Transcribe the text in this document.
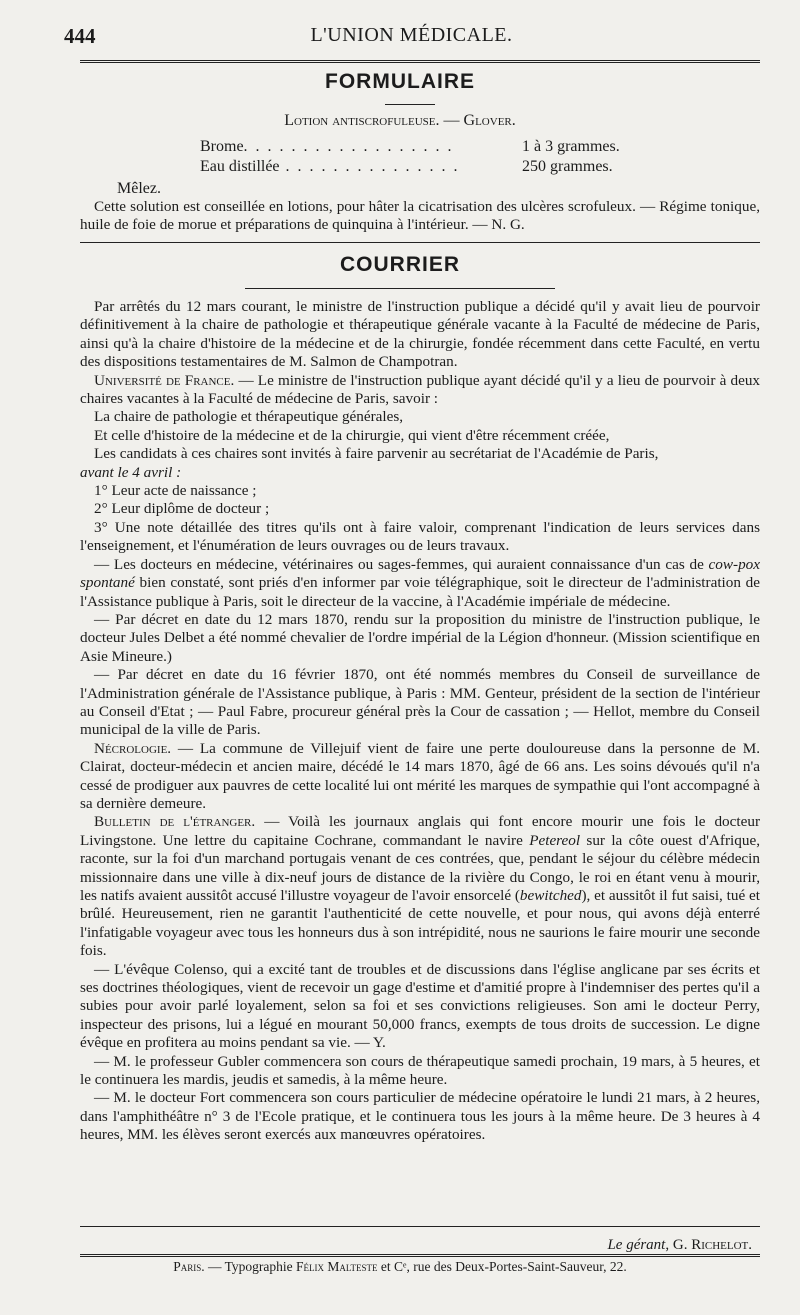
444	L'UNION MÉDICALE.
FORMULAIRE
Lotion antiscrofuleuse. — Glover.
Brome. . . . . . . . . . . . . . . . . .	1 à 3 grammes.
Eau distillée . . . . . . . . . . . . . . .	250 grammes.
Mêlez.

Cette solution est conseillée en lotions, pour hâter la cicatrisation des ulcères scrofuleux. — Régime tonique, huile de foie de morue et préparations de quinquina à l'intérieur. — N. G.

COURRIER

Par arrêtés du 12 mars courant, le ministre de l'instruction publique a décidé qu'il y avait lieu de pourvoir définitivement à la chaire de pathologie et thérapeutique générale vacante à la Faculté de médecine de Paris, ainsi qu'à la chaire d'histoire de la médecine et de la chirurgie, fondée récemment dans cette Faculté, en vertu des dispositions testamentaires de M. Salmon de Champotran.

Université de France. — Le ministre de l'instruction publique ayant décidé qu'il y a lieu de pourvoir à deux chaires vacantes à la Faculté de médecine de Paris, savoir :

La chaire de pathologie et thérapeutique générales,

Et celle d'histoire de la médecine et de la chirurgie, qui vient d'être récemment créée,

Les candidats à ces chaires sont invités à faire parvenir au secrétariat de l'Académie de Paris,

avant le 4 avril :

1° Leur acte de naissance ;

2° Leur diplôme de docteur ;

3° Une note détaillée des titres qu'ils ont à faire valoir, comprenant l'indication de leurs services dans l'enseignement, et l'énumération de leurs ouvrages ou de leurs travaux.

— Les docteurs en médecine, vétérinaires ou sages-femmes, qui auraient connaissance d'un cas de cow-pox spontané bien constaté, sont priés d'en informer par voie télégraphique, soit le directeur de l'administration de l'Assistance publique à Paris, soit le directeur de la vaccine, à l'Académie impériale de médecine.

— Par décret en date du 12 mars 1870, rendu sur la proposition du ministre de l'instruction publique, le docteur Jules Delbet a été nommé chevalier de l'ordre impérial de la Légion d'honneur. (Mission scientifique en Asie Mineure.)

— Par décret en date du 16 février 1870, ont été nommés membres du Conseil de surveillance de l'Administration générale de l'Assistance publique, à Paris : MM. Genteur, président de la section de l'intérieur au Conseil d'Etat ; — Paul Fabre, procureur général près la Cour de cassation ; — Hellot, membre du Conseil municipal de la ville de Paris.

Nécrologie. — La commune de Villejuif vient de faire une perte douloureuse dans la personne de M. Clairat, docteur-médecin et ancien maire, décédé le 14 mars 1870, âgé de 66 ans. Les soins dévoués qu'il n'a cessé de prodiguer aux pauvres de cette localité lui ont mérité les marques de sympathie qui l'ont accompagné à sa dernière demeure.

Bulletin de l'étranger. — Voilà les journaux anglais qui font encore mourir une fois le docteur Livingstone. Une lettre du capitaine Cochrane, commandant le navire Petereol sur la côte ouest d'Afrique, raconte, sur la foi d'un marchand portugais venant de ces contrées, que, pendant le séjour du célèbre médecin missionnaire dans une ville à dix-neuf jours de distance de la rivière du Congo, le roi en étant venu à mourir, les natifs avaient aussitôt accusé l'illustre voyageur de l'avoir ensorcelé (bewitched), et aussitôt il fut saisi, tué et brûlé. Heureusement, rien ne garantit l'authenticité de cette nouvelle, et pour nous, qui avons déjà enterré l'infatigable voyageur avec tous les honneurs dus à son intrépidité, nous ne saurions le faire mourir une seconde fois.

— L'évêque Colenso, qui a excité tant de troubles et de discussions dans l'église anglicane par ses écrits et ses doctrines théologiques, vient de recevoir un gage d'estime et d'amitié propre à l'indemniser des pertes qu'il a subies pour avoir parlé loyalement, selon sa foi et ses convictions religieuses. Son ami le docteur Perry, inspecteur des prisons, lui a légué en mourant 50,000 francs, exempts de tous droits de succession. Le digne évêque en profitera au moins pendant sa vie. — Y.

— M. le professeur Gubler commencera son cours de thérapeutique samedi prochain, 19 mars, à 5 heures, et le continuera les mardis, jeudis et samedis, à la même heure.

— M. le docteur Fort commencera son cours particulier de médecine opératoire le lundi 21 mars, à 2 heures, dans l'amphithéâtre n° 3 de l'Ecole pratique, et le continuera tous les jours à la même heure. De 3 heures à 4 heures, MM. les élèves seront exercés aux manœuvres opératoires.

Le gérant, G. Richelot.
Paris. — Typographie Félix Malteste et Cᵉ, rue des Deux-Portes-Saint-Sauveur, 22.
